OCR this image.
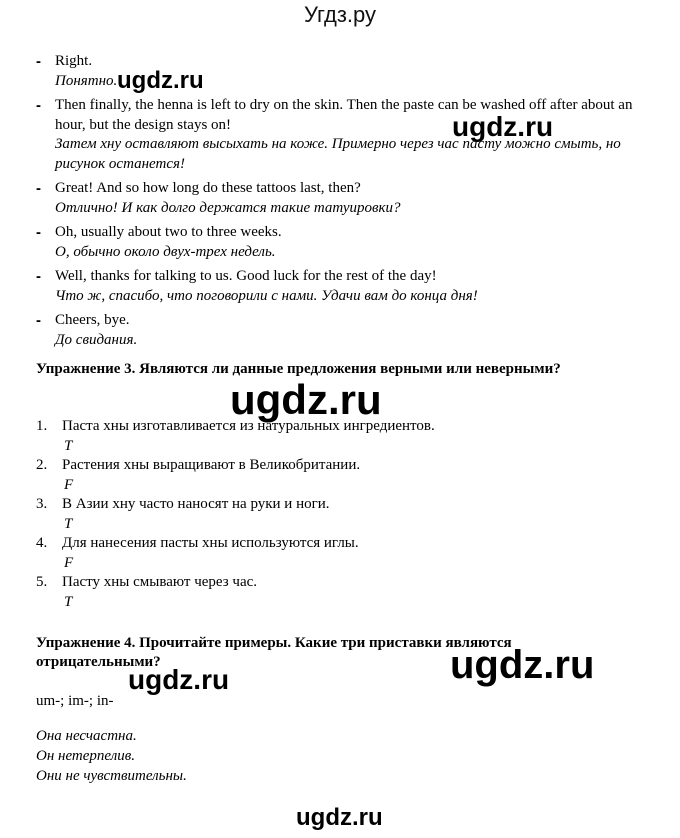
Угдз.ру
- Right.
Понятно.
- Then finally, the henna is left to dry on the skin. Then the paste can be washed off after about an hour, but the design stays on!
Затем хну оставляют высыхать на коже. Примерно через час пасту можно смыть, но рисунок останется!
- Great! And so how long do these tattoos last, then?
Отлично! И как долго держатся такие татуировки?
- Oh, usually about two to three weeks.
О, обычно около двух-трех недель.
- Well, thanks for talking to us. Good luck for the rest of the day!
Что ж, спасибо, что поговорили с нами. Удачи вам до конца дня!
- Cheers, bye.
До свидания.
Упражнение 3. Являются ли данные предложения верными или неверными?
1. Паста хны изготавливается из натуральных ингредиентов.
T
2. Растения хны выращивают в Великобритании.
F
3. В Азии хну часто наносят на руки и ноги.
T
4. Для нанесения пасты хны используются иглы.
F
5. Пасту хны смывают через час.
T
Упражнение 4. Прочитайте примеры. Какие три приставки являются отрицательными?
um-; im-; in-
Она несчастна.
Он нетерпелив.
Они не чувствительны.
ugdz.ru
ugdz.ru
ugdz.ru
ugdz.ru
ugdz.ru
ugdz.ru
